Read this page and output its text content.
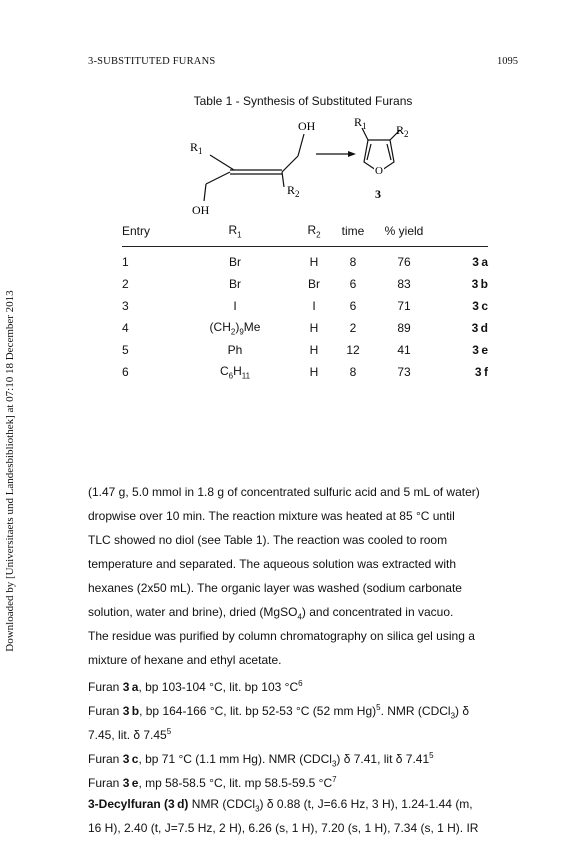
3-SUBSTITUTED FURANS	1095
Downloaded by [Universitaets und Landesbibliothek] at 07:10 18 December 2013
Table 1 - Synthesis of Substituted Furans
$R_1$
OH
$R_2$
OH
O
$R_1$ $R_2$
3
Entry	$R_1$	$R_2$	time	% yield	
1	Br	H	8	76	3 a
2	Br	Br	6	83	3 b
3	I	I	6	71	3 c
4	$(CH_2)_9Me$	H	2	89	3 d
5	Ph	H	12	41	3 e
6	$C_6H_{11}$	H	8	73	3 f
(1.47 g, 5.0 mmol in 1.8 g of concentrated sulfuric acid and 5 mL of water)
dropwise over 10 min. The reaction mixture was heated at 85 °C until
TLC showed no diol (see Table 1). The reaction was cooled to room
temperature and separated. The aqueous solution was extracted with
hexanes (2x50 mL). The organic layer was washed (sodium carbonate
solution, water and brine), dried (MgSO$_4$) and concentrated in vacuo.
The residue was purified by column chromatography on silica gel using a
mixture of hexane and ethyl acetate.
Furan 3 a, bp 103-104 °C, lit. bp 103 $^\circ C^6$
Furan 3 b, bp 164-166 °C, lit. bp 52-53 °C (52 mm Hg)$^5$. NMR (CDCl$_3$) δ
7.45, lit. δ 7.45$^5$
Furan 3 c, bp 71 °C (1.1 mm Hg). NMR (CDCl$_3$) δ 7.41, lit δ 7.41$^5$
Furan 3 e, mp 58-58.5 °C, lit. mp 58.5-59.5 $^\circ C^7$
3-Decylfuran (3 d) NMR (CDCl$_3$) δ 0.88 (t, J=6.6 Hz, 3 H), 1.24-1.44 (m,
16 H), 2.40 (t, J=7.5 Hz, 2 H), 6.26 (s, 1 H), 7.20 (s, 1 H), 7.34 (s, 1 H). IR
